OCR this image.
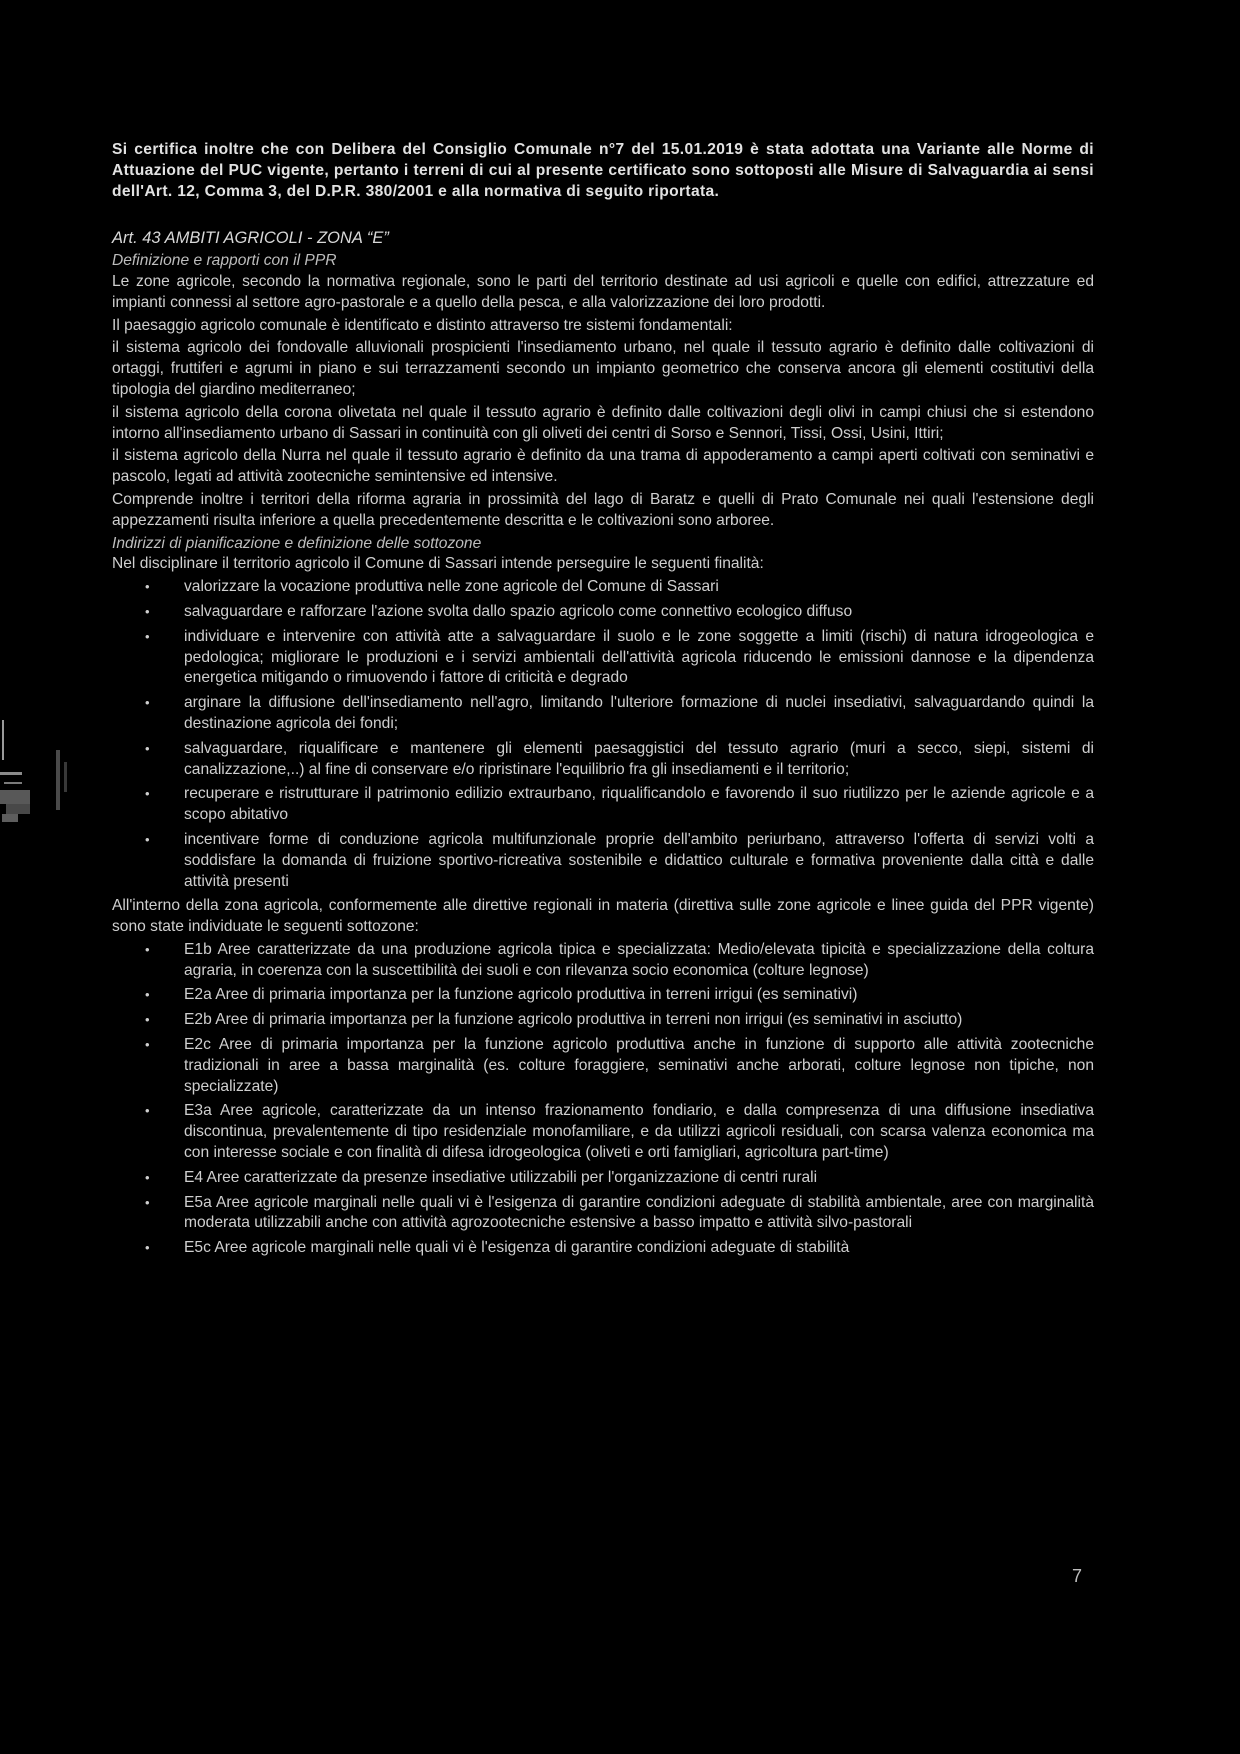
Si certifica inoltre che con Delibera del Consiglio Comunale n°7 del 15.01.2019 è stata adottata una Variante alle Norme di Attuazione del PUC vigente, pertanto i terreni di cui al presente certificato sono sottoposti alle Misure di Salvaguardia ai sensi dell'Art. 12, Comma 3, del D.P.R. 380/2001 e alla normativa di seguito riportata.

Art. 43 AMBITI AGRICOLI - ZONA “E”

Definizione e rapporti con il PPR

Le zone agricole, secondo la normativa regionale, sono le parti del territorio destinate ad usi agricoli e quelle con edifici, attrezzature ed impianti connessi al settore agro-pastorale e a quello della pesca, e alla valorizzazione dei loro prodotti.

Il paesaggio agricolo comunale è identificato e distinto attraverso tre sistemi fondamentali:

il sistema agricolo dei fondovalle alluvionali prospicienti l'insediamento urbano, nel quale il tessuto agrario è definito dalle coltivazioni di ortaggi, fruttiferi e agrumi in piano e sui terrazzamenti secondo un impianto geometrico che conserva ancora gli elementi costitutivi della tipologia del giardino mediterraneo;

il sistema agricolo della corona olivetata nel quale il tessuto agrario è definito dalle coltivazioni degli olivi in campi chiusi che si estendono intorno all'insediamento urbano di Sassari in continuità con gli oliveti dei centri di Sorso e Sennori, Tissi, Ossi, Usini, Ittiri;

il sistema agricolo della Nurra nel quale il tessuto agrario è definito da una trama di appoderamento a campi aperti coltivati con seminativi e pascolo, legati ad attività zootecniche semintensive ed intensive.

Comprende inoltre i territori della riforma agraria in prossimità del lago di Baratz e quelli di Prato Comunale nei quali l'estensione degli appezzamenti risulta inferiore a quella precedentemente descritta e le coltivazioni sono arboree.

Indirizzi di pianificazione e definizione delle sottozone

Nel disciplinare il territorio agricolo il Comune di Sassari intende perseguire le seguenti finalità:

• valorizzare la vocazione produttiva nelle zone agricole del Comune di Sassari
• salvaguardare e rafforzare l'azione svolta dallo spazio agricolo come connettivo ecologico diffuso
• individuare e intervenire con attività atte a salvaguardare il suolo e le zone soggette a limiti (rischi) di natura idrogeologica e pedologica; migliorare le produzioni e i servizi ambientali dell'attività agricola riducendo le emissioni dannose e la dipendenza energetica mitigando o rimuovendo i fattore di criticità e degrado
• arginare la diffusione dell'insediamento nell'agro, limitando l'ulteriore formazione di nuclei insediativi, salvaguardando quindi la destinazione agricola dei fondi;
• salvaguardare, riqualificare e mantenere gli elementi paesaggistici del tessuto agrario (muri a secco, siepi, sistemi di canalizzazione,..) al fine di conservare e/o ripristinare l'equilibrio fra gli insediamenti e il territorio;
• recuperare e ristrutturare il patrimonio edilizio extraurbano, riqualificandolo e favorendo il suo riutilizzo per le aziende agricole e a scopo abitativo
• incentivare forme di conduzione agricola multifunzionale proprie dell'ambito periurbano, attraverso l'offerta di servizi volti a soddisfare la domanda di fruizione sportivo-ricreativa sostenibile e didattico culturale e formativa proveniente dalla città e dalle attività presenti

All'interno della zona agricola, conformemente alle direttive regionali in materia (direttiva sulle zone agricole e linee guida del PPR vigente) sono state individuate le seguenti sottozone:

• E1b Aree caratterizzate da una produzione agricola tipica e specializzata: Medio/elevata tipicità e specializzazione della coltura agraria, in coerenza con la suscettibilità dei suoli e con rilevanza socio economica (colture legnose)
• E2a Aree di primaria importanza per la funzione agricolo produttiva in terreni irrigui (es seminativi)
• E2b Aree di primaria importanza per la funzione agricolo produttiva in terreni non irrigui (es seminativi in asciutto)
• E2c Aree di primaria importanza per la funzione agricolo produttiva anche in funzione di supporto alle attività zootecniche tradizionali in aree a bassa marginalità (es. colture foraggiere, seminativi anche arborati, colture legnose non tipiche, non specializzate)
• E3a Aree agricole, caratterizzate da un intenso frazionamento fondiario, e dalla compresenza di una diffusione insediativa discontinua, prevalentemente di tipo residenziale monofamiliare, e da utilizzi agricoli residuali, con scarsa valenza economica ma con interesse sociale e con finalità di difesa idrogeologica (oliveti e orti famigliari, agricoltura part-time)
• E4 Aree caratterizzate da presenze insediative utilizzabili per l'organizzazione di centri rurali
• E5a Aree agricole marginali nelle quali vi è l'esigenza di garantire condizioni adeguate di stabilità ambientale, aree con marginalità moderata utilizzabili anche con attività agrozootecniche estensive a basso impatto e attività silvo-pastorali
• E5c Aree agricole marginali nelle quali vi è l'esigenza di garantire condizioni adeguate di stabilità
7
